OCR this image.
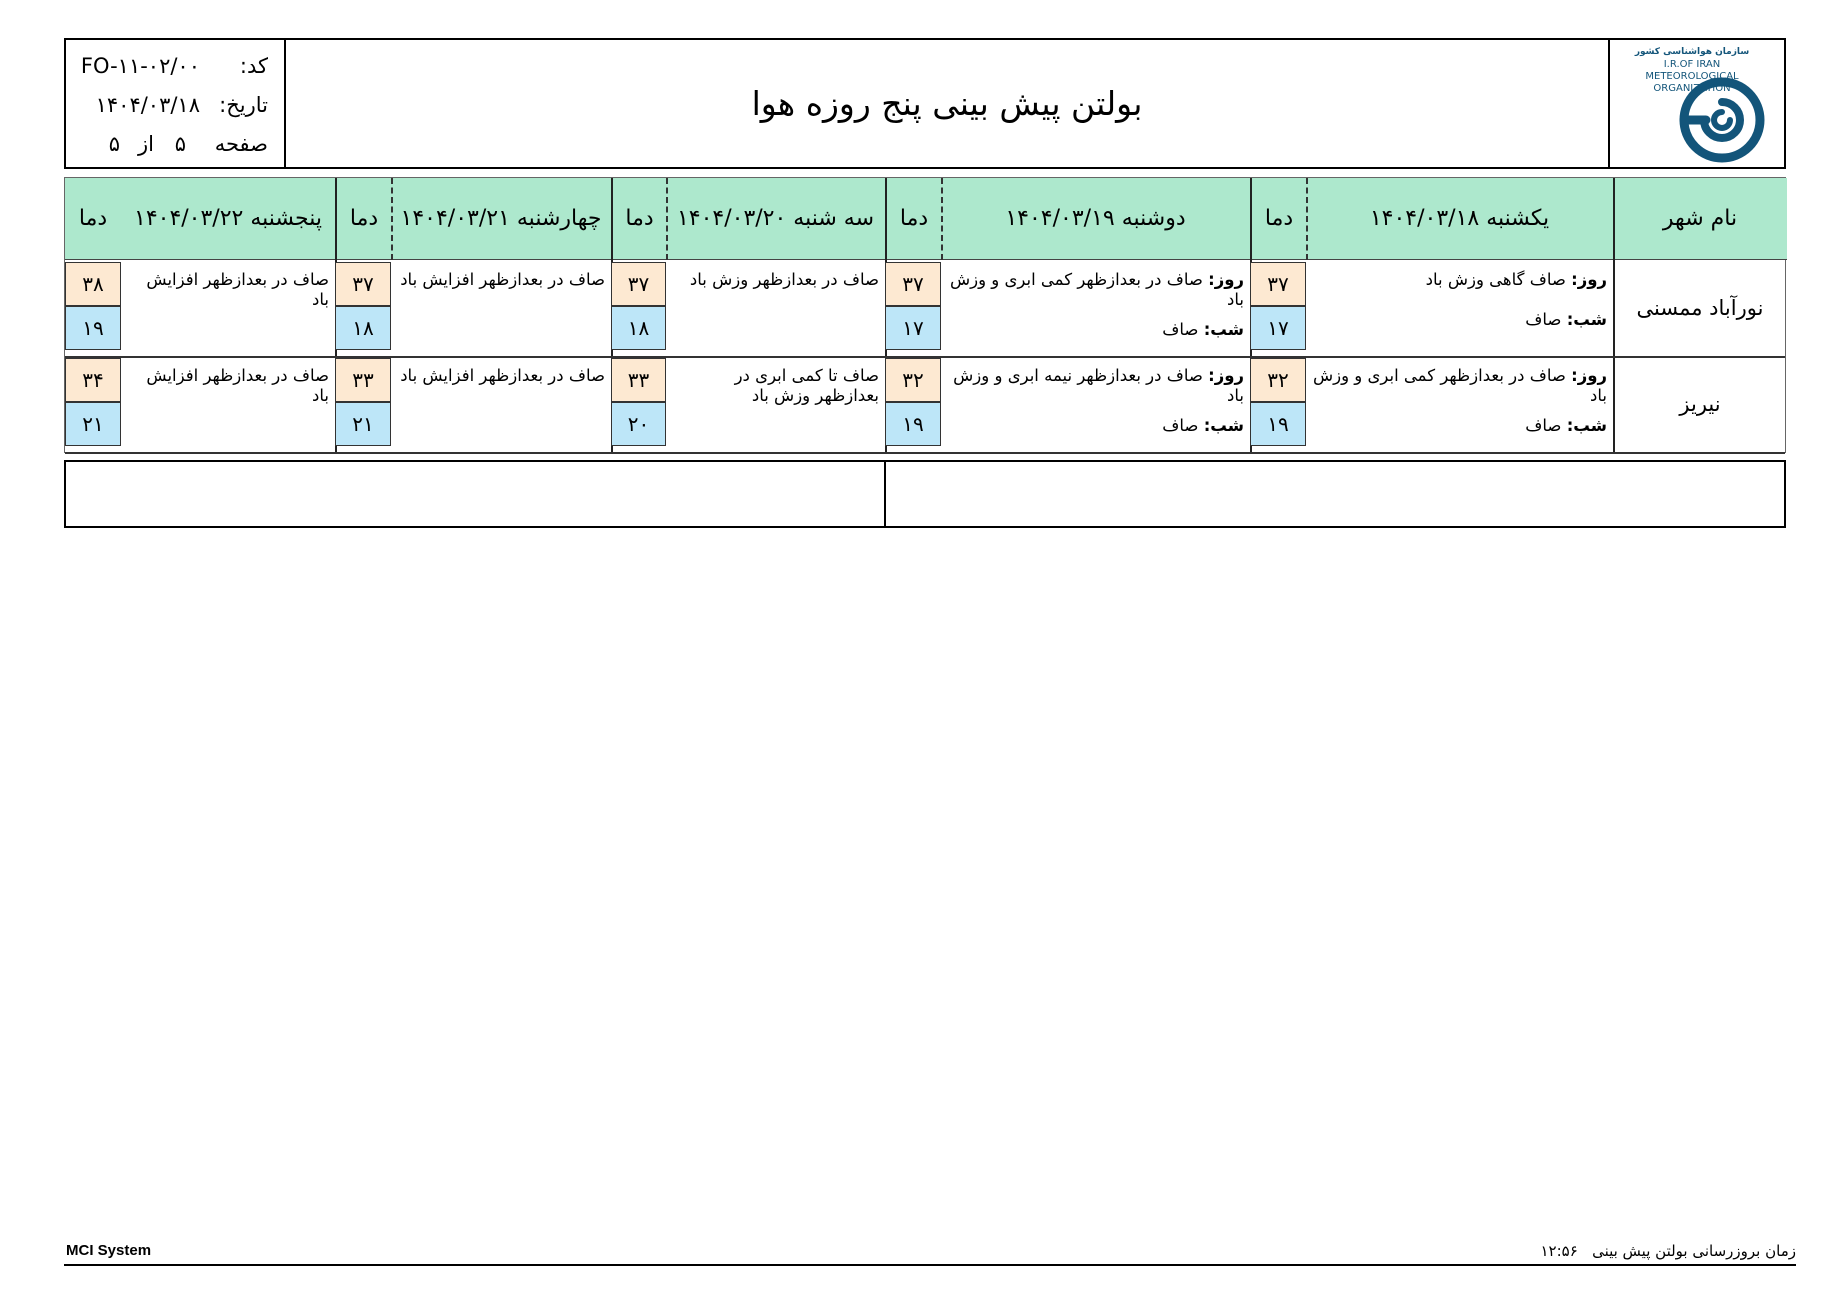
سازمان هواشناسی کشور
I.R.OF IRAN
METEOROLOGICAL
ORGANIZATION
بولتن پیش بینی پنج روزه هوا
کد:
FO-۱۱-۰۲/۰۰
تاریخ:
۱۴۰۴/۰۳/۱۸
صفحه
۵
از
۵
نام شهر
یکشنبه ۱۴۰۴/۰۳/۱۸
دما
دوشنبه ۱۴۰۴/۰۳/۱۹
دما
سه شنبه ۱۴۰۴/۰۳/۲۰
دما
چهارشنبه ۱۴۰۴/۰۳/۲۱
دما
پنجشنبه ۱۴۰۴/۰۳/۲۲
دما
نورآباد ممسنی
روز: صاف گاهی وزش باد
شب: صاف
۳۷
۱۷
روز: صاف در بعدازظهر کمی ابری و وزش باد
شب: صاف
۳۷
۱۷
صاف در بعدازظهر وزش باد
۳۷
۱۸
صاف در بعدازظهر افزایش باد
۳۷
۱۸
صاف در بعدازظهر افزایش باد
۳۸
۱۹
نیریز
روز: صاف در بعدازظهر کمی ابری و وزش باد
شب: صاف
۳۲
۱۹
روز: صاف در بعدازظهر نیمه ابری و وزش باد
شب: صاف
۳۲
۱۹
صاف تا کمی ابری در بعدازظهر وزش باد
۳۳
۲۰
صاف در بعدازظهر افزایش باد
۳۳
۲۱
صاف در بعدازظهر افزایش باد
۳۴
۲۱
MCI System	زمان بروزرسانی بولتن پیش بینی   ۱۲:۵۶
